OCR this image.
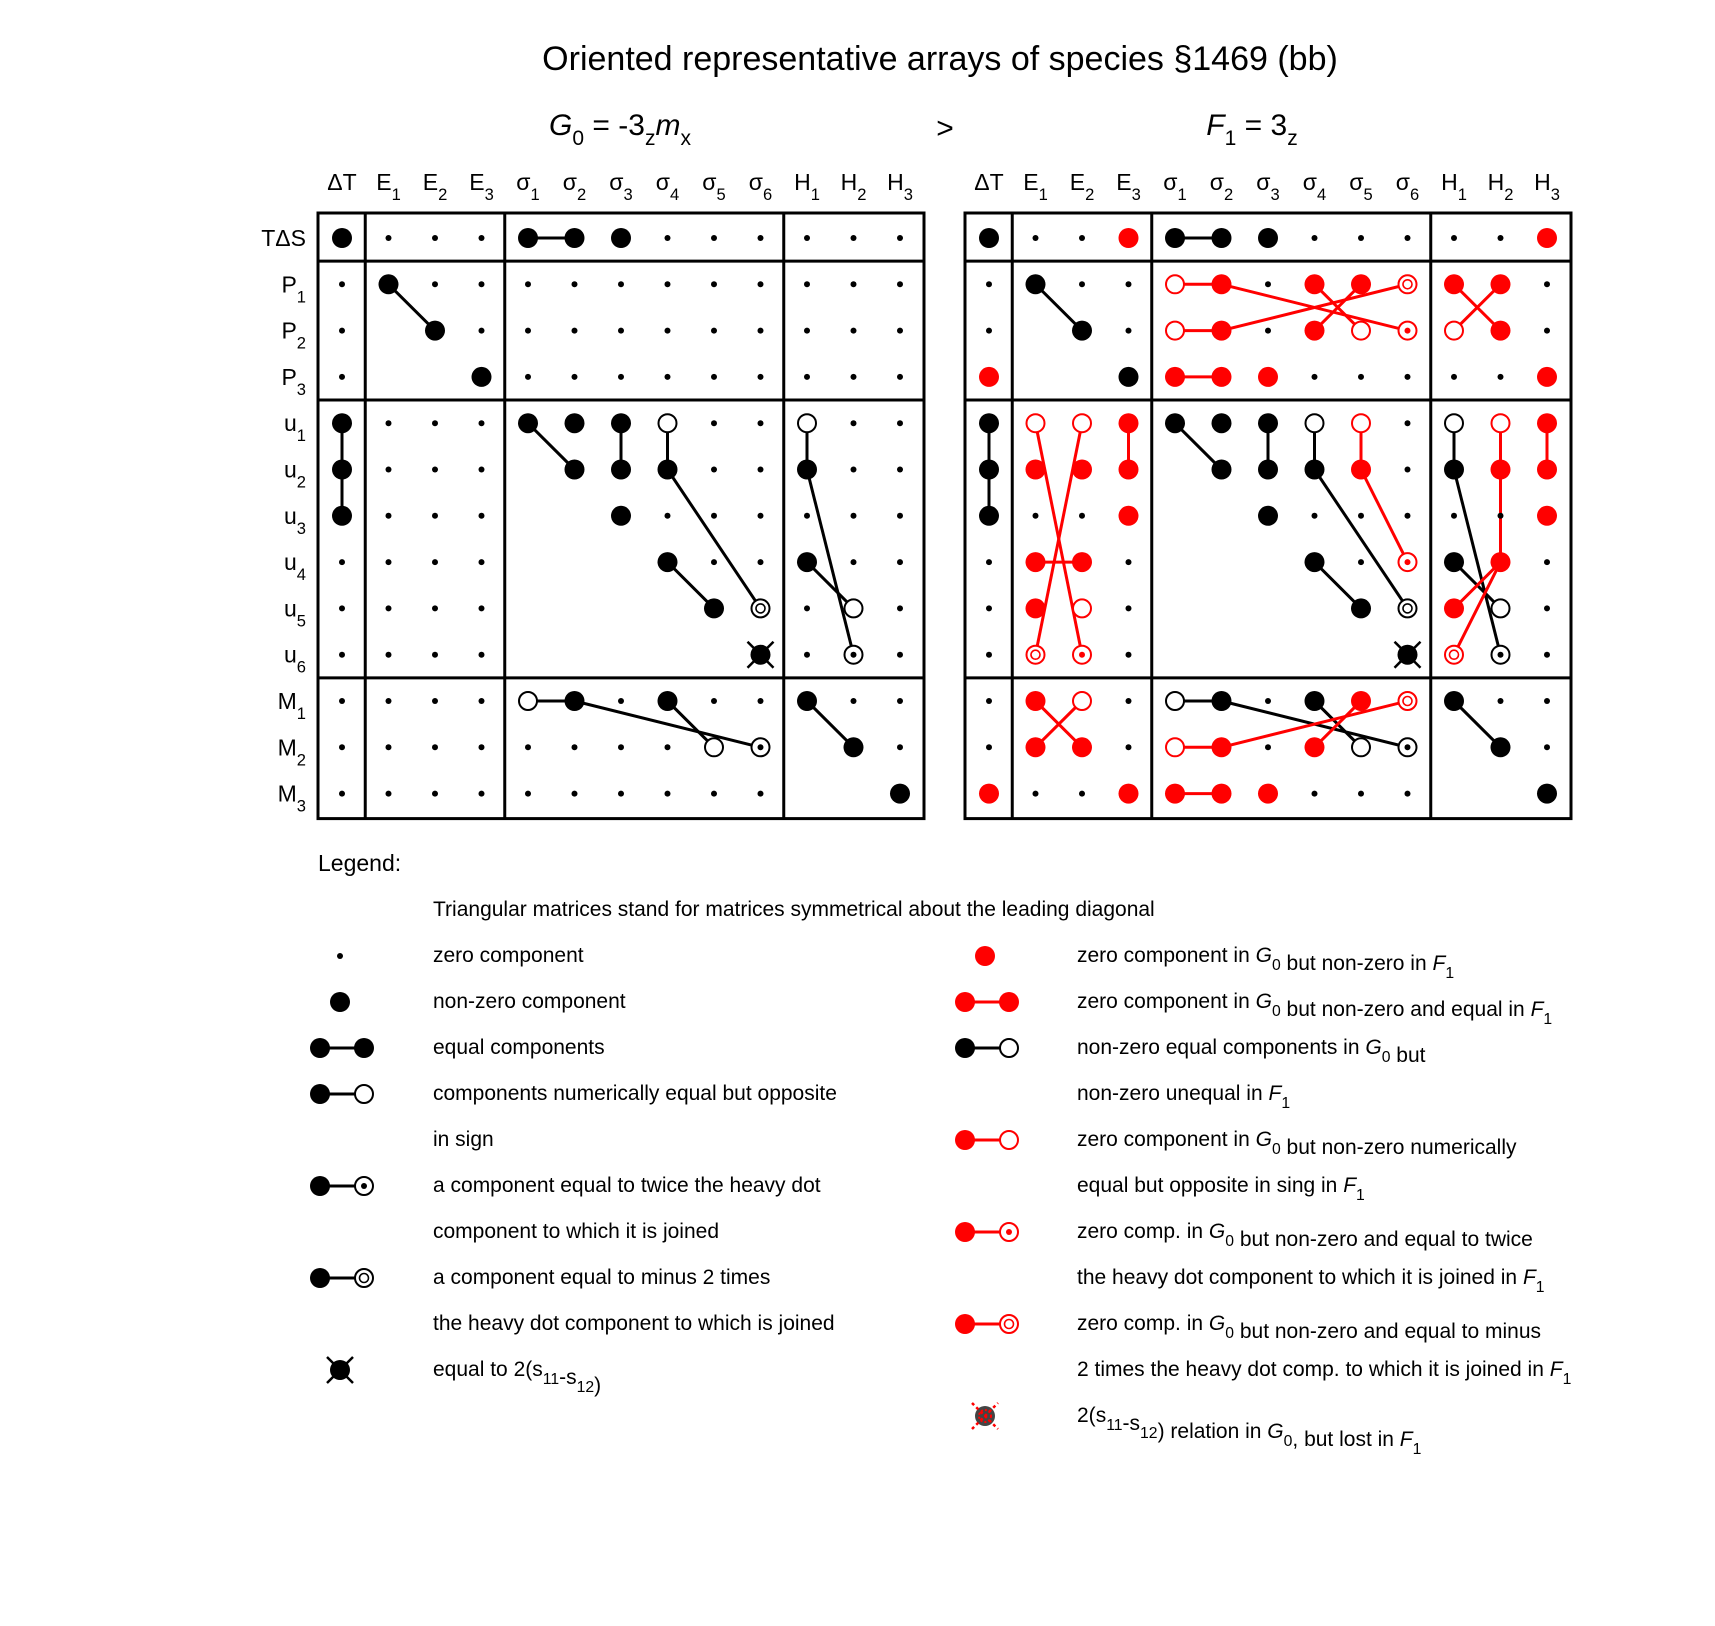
Oriented representative arrays of species §1469 (bb)
$G_0 = -3_zm_x$	$F_1 = 3_z$
>
ΔT $E_1$ $E_2$ $E_3$ $\sigma_1$ $\sigma_2$ $\sigma_3$ $\sigma_4$ $\sigma_5$ $\sigma_6$ $H_1$ $H_2$ $H_3$
TΔS
$P_1$
$P_2$
$P_3$
$u_1$
$u_2$
$u_3$
$u_4$
$u_5$
$u_6$
$M_1$
$M_2$
$M_3$
ΔT $E_1$ $E_2$ $E_3$ $\sigma_1$ $\sigma_2$ $\sigma_3$ $\sigma_4$ $\sigma_5$ $\sigma_6$ $H_1$ $H_2$ $H_3$
Legend:
Triangular matrices stand for matrices symmetrical about the leading diagonal
zero component
non-zero component
equal components
components numerically equal but opposite
in sign
a component equal to twice the heavy dot
component to which it is joined
a component equal to minus 2 times
the heavy dot component to which is joined
equal to $2(s_{11}-s_{12})$
zero component in $G_0$ but non-zero in $F_1$
zero component in $G_0$ but non-zero and equal in $F_1$
non-zero equal components in $G_0$ but
non-zero unequal in $F_1$
zero component in $G_0$ but non-zero numerically
equal but opposite in sing in $F_1$
zero comp. in $G_0$ but non-zero and equal to twice
the heavy dot component to which it is joined in $F_1$
zero comp. in $G_0$ but non-zero and equal to minus
2 times the heavy dot comp. to which it is joined in $F_1$
$2(s_{11}-s_{12})$ relation in $G_0$, but lost in $F_1$
